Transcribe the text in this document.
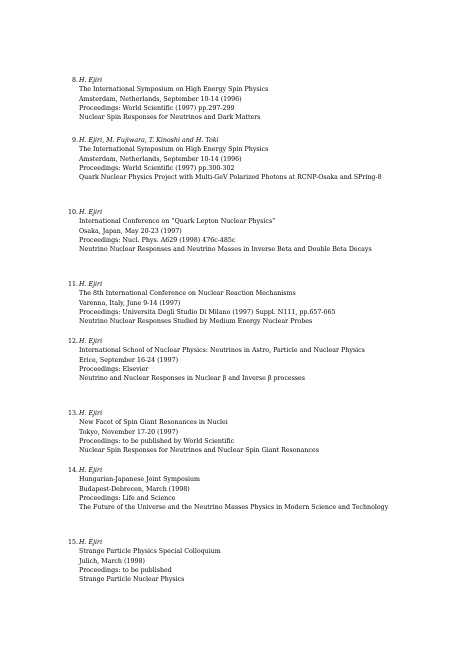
8. H. Ejiri
The International Symposium on High Energy Spin Physics
Amsterdam, Netherlands, September 10-14 (1996)
Proceedings: World Scientific (1997) pp.297-299
Nuclear Spin Responses for Neutrinos and Dark Matters
9. H. Ejiri, M. Fujiwara, T. Kinoshi and H. Toki
The International Symposium on High Energy Spin Physics
Amsterdam, Netherlands, September 10-14 (1996)
Proceedings: World Scientific (1997) pp.300-302
Quark Nuclear Physics Project with Multi-GeV Polarized Photons at RCNP-Osaka and SPring-8
10. H. Ejiri
International Conference on “Quark Lepton Nuclear Physics”
Osaka, Japan, May 20-23 (1997)
Proceedings: Nucl. Phys. A629 (1998) 476c-485c
Neutrino Nuclear Responses and Neutrino Masses in Inverse Beta and Double Beta Decays
11. H. Ejiri
The 8th International Conference on Nuclear Reaction Mechanisms
Varenna, Italy, June 9-14 (1997)
Proceedings: Universita Degli Studio Di Milano (1997) Suppl. N111, pp.657-665
Neutrino Nuclear Responses Studied by Medium Energy Nuclear Probes
12. H. Ejiri
International School of Nuclear Physics: Neutrinos in Astro, Particle and Nuclear Physics
Erice, September 16-24 (1997)
Proceedings: Elsevier
Neutrino and Nuclear Responses in Nuclear β and Inverse β processes
13. H. Ejiri
New Facet of Spin Giant Resonances in Nuclei
Tokyo, November 17-20 (1997)
Proceedings: to be published by World Scientific
Nuclear Spin Responses for Neutrinos and Nuclear Spin Giant Resonances
14. H. Ejiri
Hungarian-Japanese Joint Symposium
Budapest-Debrecen, March (1998)
Proceedings: Life and Science
The Future of the Universe and the Neutrino Masses Physics in Modern Science and Technology
15. H. Ejiri
Strange Particle Physics Special Colloquium
Julich, March (1998)
Proceedings: to be published
Strange Particle Nuclear Physics
